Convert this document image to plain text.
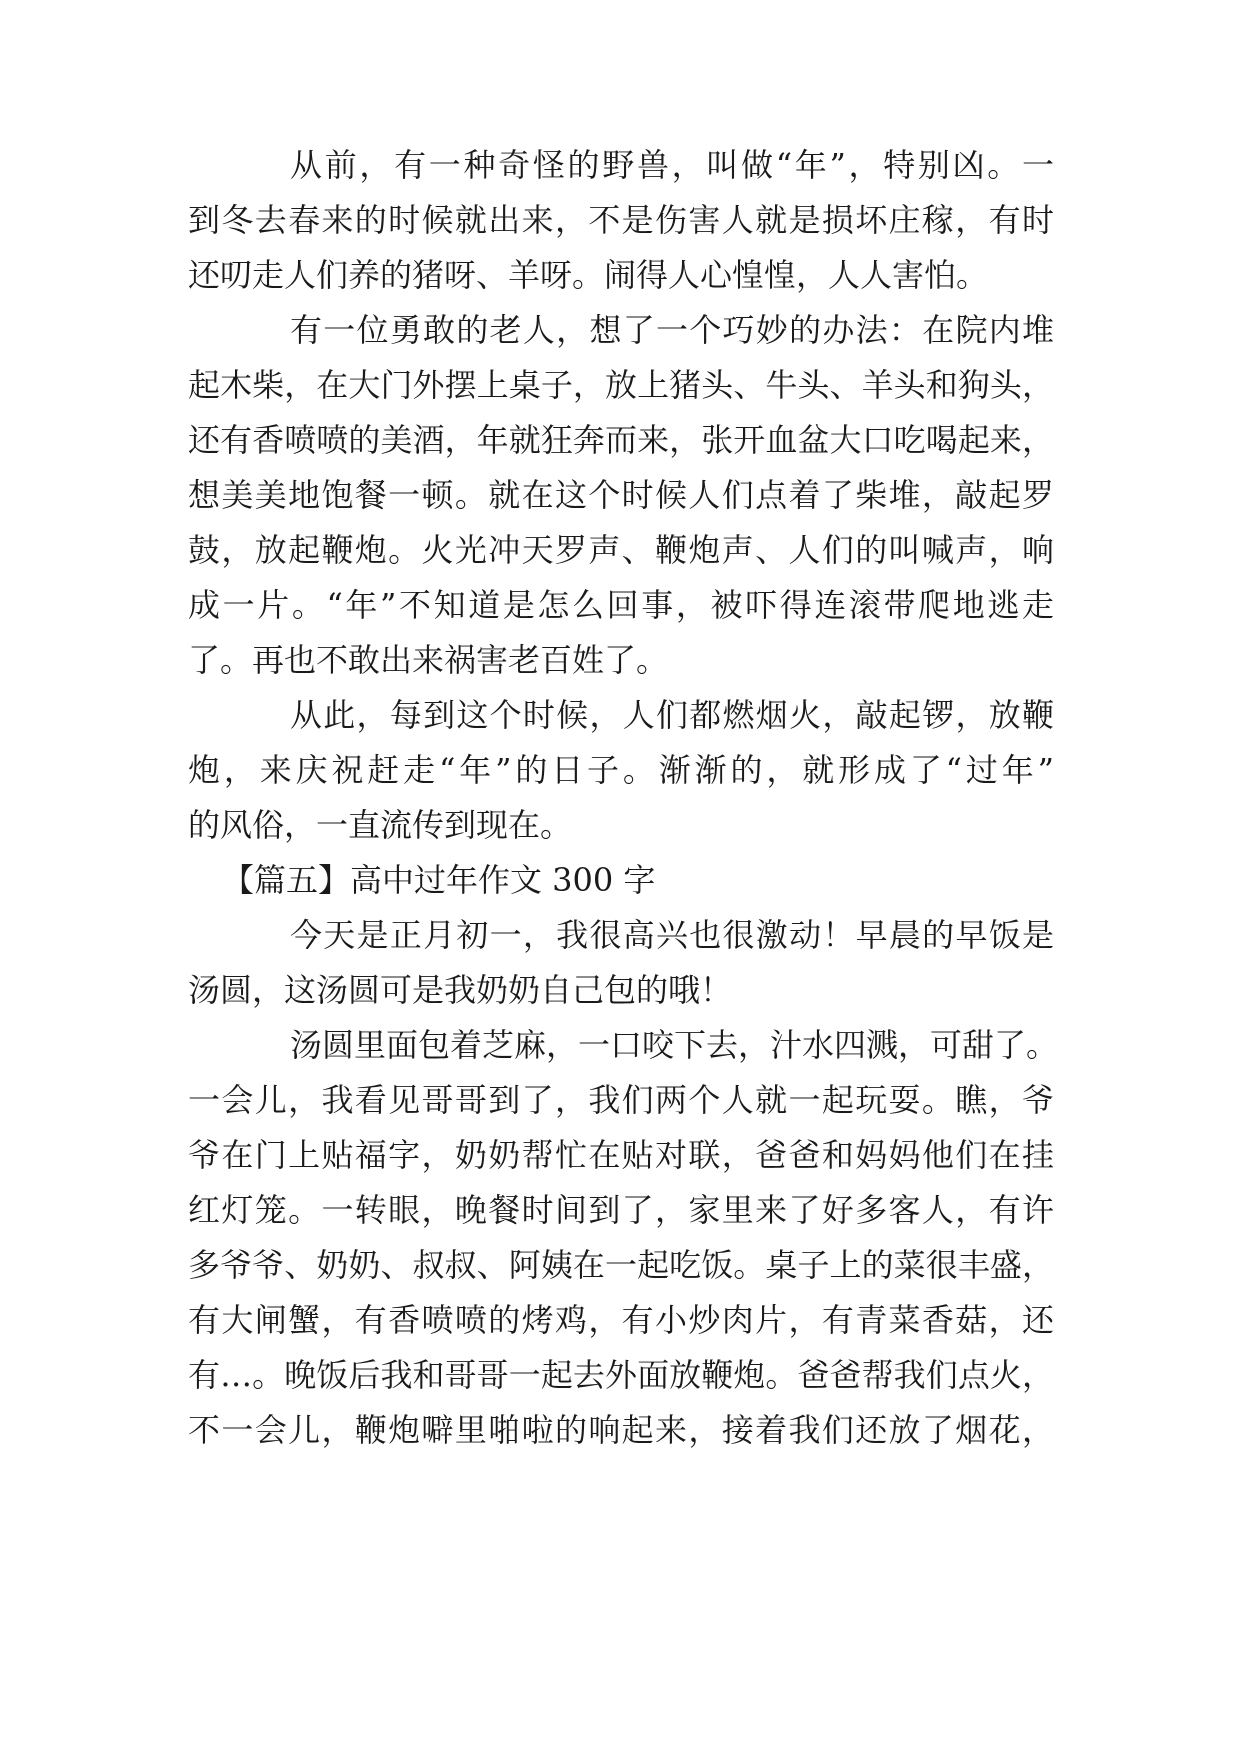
从前，有一种奇怪的野兽，叫做“年”，特别凶。一
到冬去春来的时候就出来，不是伤害人就是损坏庄稼，有时
还叨走人们养的猪呀、羊呀。闹得人心惶惶，人人害怕。
有一位勇敢的老人，想了一个巧妙的办法：在院内堆
起木柴，在大门外摆上桌子，放上猪头、牛头、羊头和狗头，
还有香喷喷的美酒，年就狂奔而来，张开血盆大口吃喝起来，
想美美地饱餐一顿。就在这个时候人们点着了柴堆，敲起罗
鼓，放起鞭炮。火光冲天罗声、鞭炮声、人们的叫喊声，响
成一片。“年”不知道是怎么回事，被吓得连滚带爬地逃走
了。再也不敢出来祸害老百姓了。
从此，每到这个时候，人们都燃烟火，敲起锣，放鞭
炮，来庆祝赶走“年”的日子。渐渐的，就形成了“过年”
的风俗，一直流传到现在。
【篇五】高中过年作文 300 字
今天是正月初一，我很高兴也很激动！早晨的早饭是
汤圆，这汤圆可是我奶奶自己包的哦！
汤圆里面包着芝麻，一口咬下去，汁水四溅，可甜了。
一会儿，我看见哥哥到了，我们两个人就一起玩耍。瞧，爷
爷在门上贴福字，奶奶帮忙在贴对联，爸爸和妈妈他们在挂
红灯笼。一转眼，晚餐时间到了，家里来了好多客人，有许
多爷爷、奶奶、叔叔、阿姨在一起吃饭。桌子上的菜很丰盛，
有大闸蟹，有香喷喷的烤鸡，有小炒肉片，有青菜香菇，还
有…。晚饭后我和哥哥一起去外面放鞭炮。爸爸帮我们点火，
不一会儿，鞭炮噼里啪啦的响起来，接着我们还放了烟花，
